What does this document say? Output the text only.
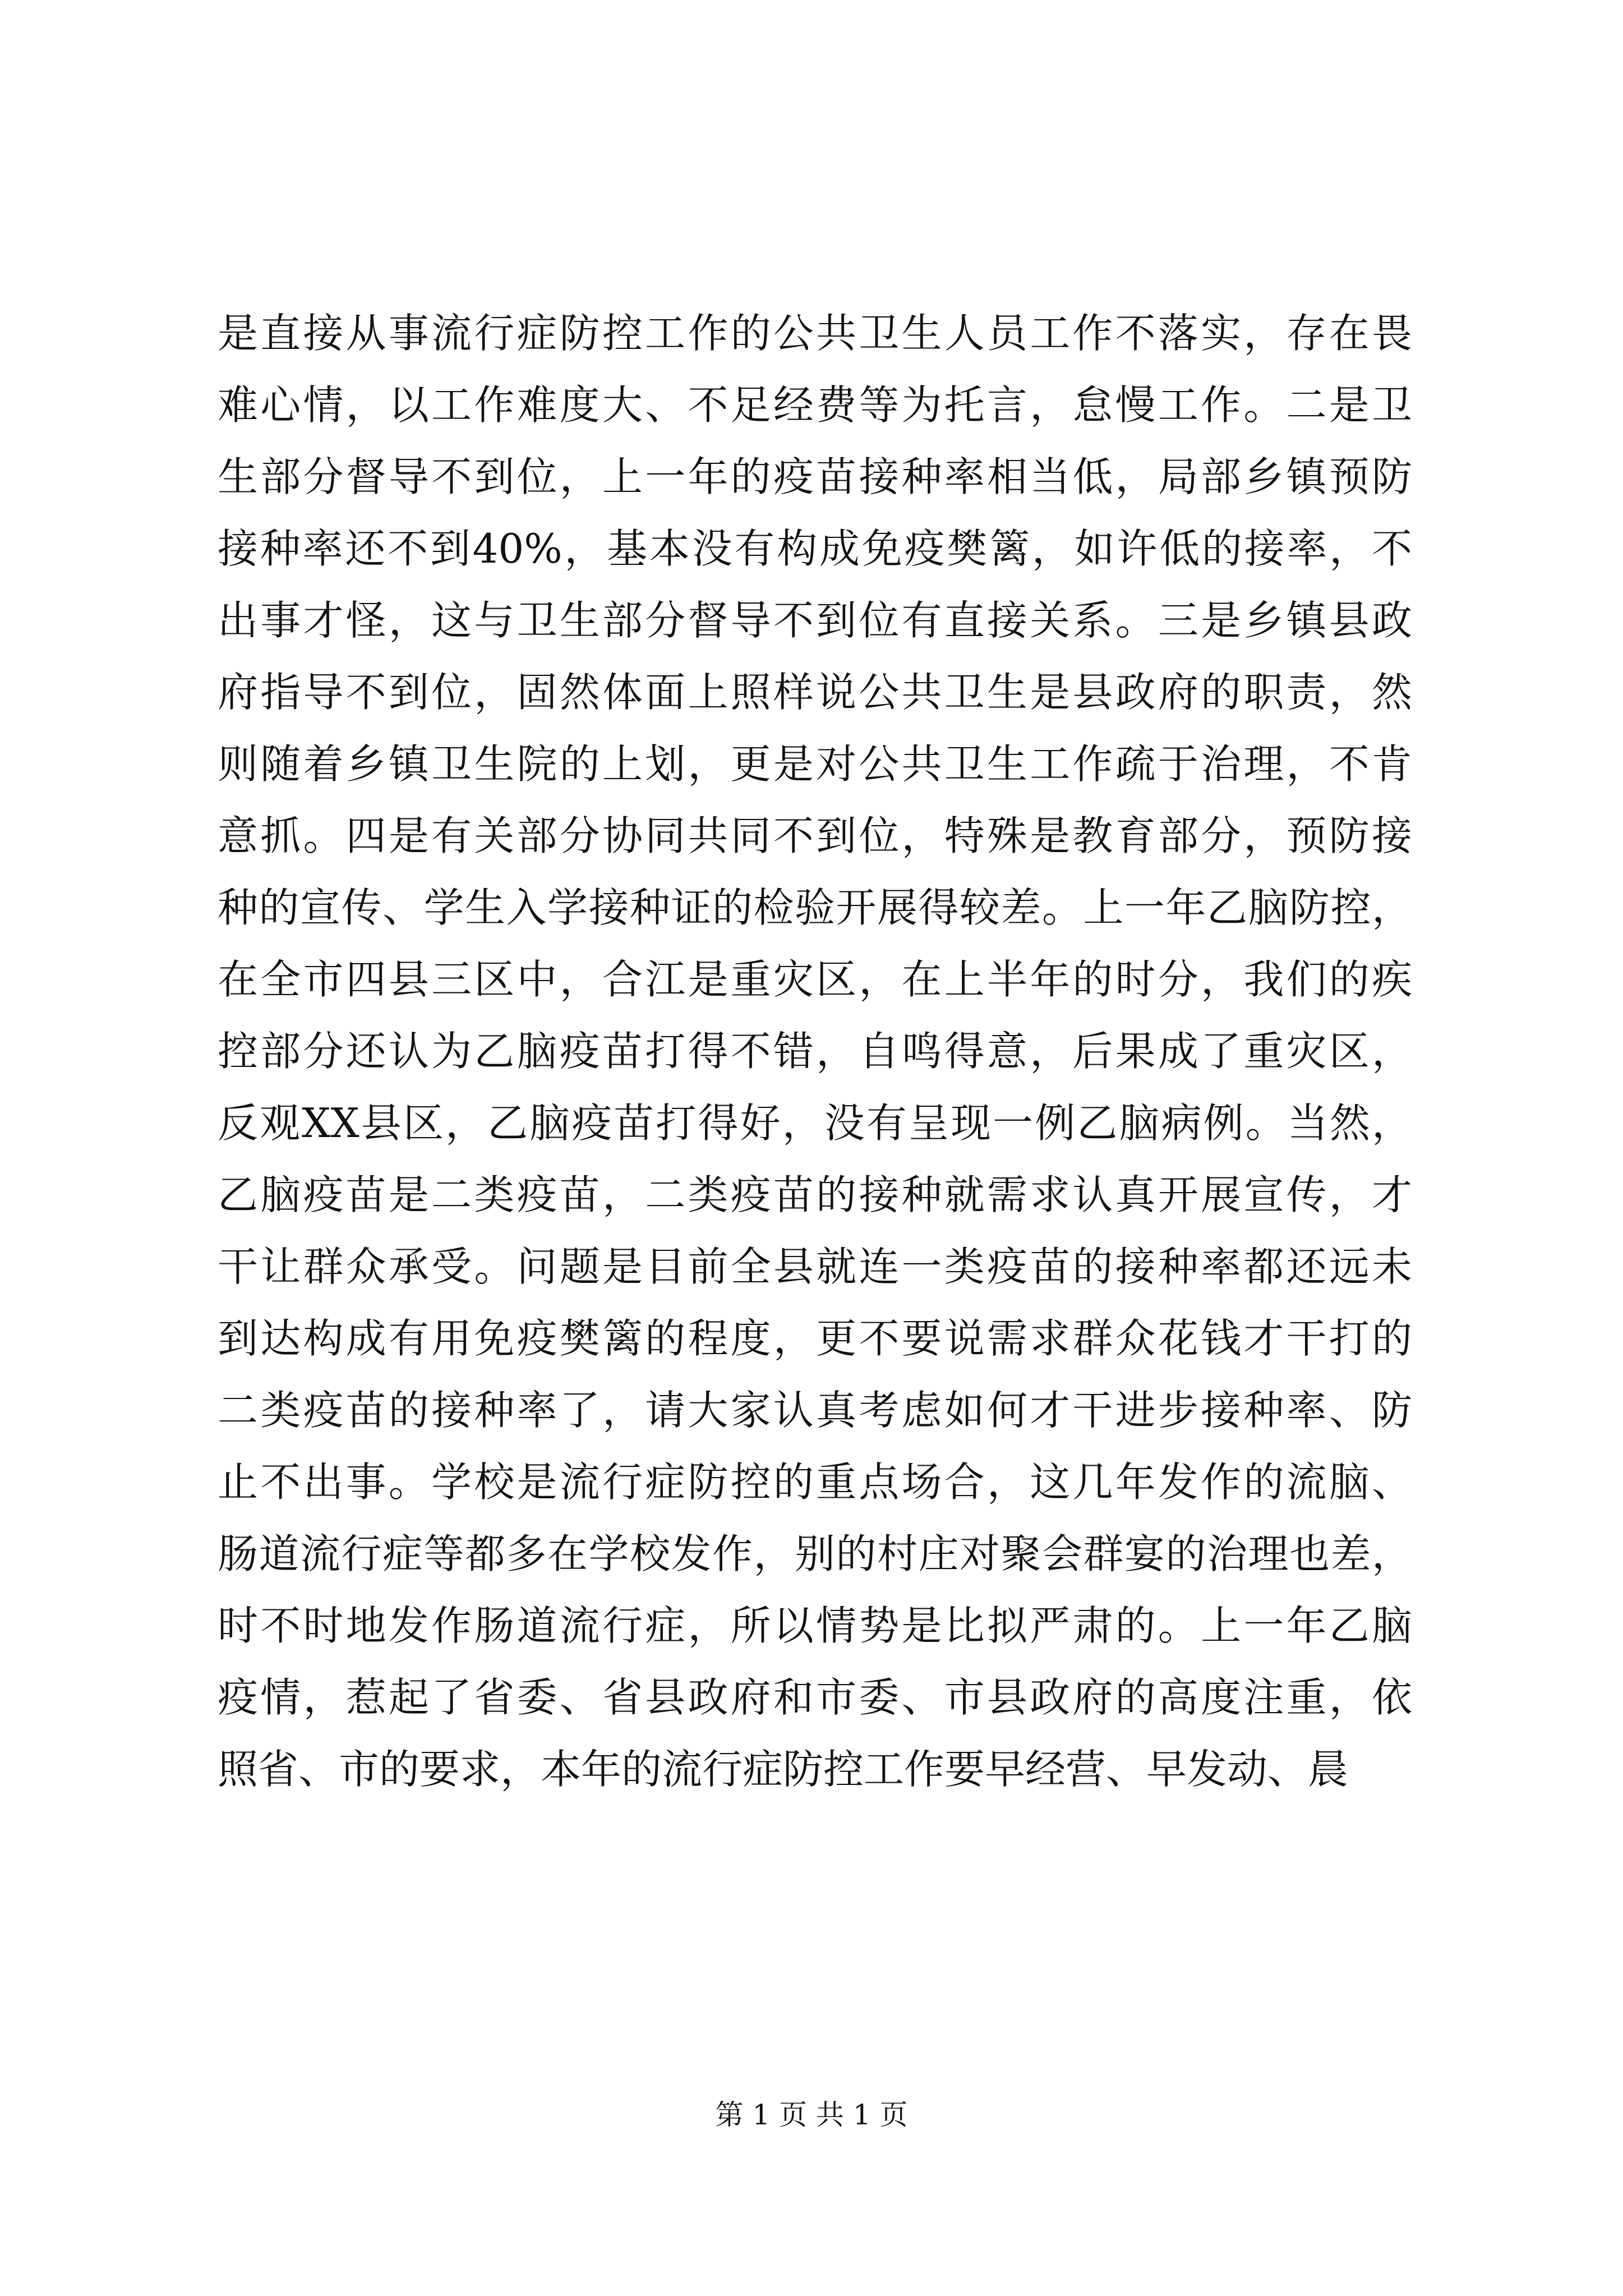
是直接从事流行症防控工作的公共卫生人员工作不落实，存在畏
难心情，以工作难度大、不足经费等为托言，怠慢工作。二是卫
生部分督导不到位，上一年的疫苗接种率相当低，局部乡镇预防
接种率还不到40%，基本没有构成免疫樊篱，如许低的接率，不
出事才怪，这与卫生部分督导不到位有直接关系。三是乡镇县政
府指导不到位，固然体面上照样说公共卫生是县政府的职责，然
则随着乡镇卫生院的上划，更是对公共卫生工作疏于治理，不肯
意抓。四是有关部分协同共同不到位，特殊是教育部分，预防接
种的宣传、学生入学接种证的检验开展得较差。上一年乙脑防控，
在全市四县三区中，合江是重灾区，在上半年的时分，我们的疾
控部分还认为乙脑疫苗打得不错，自鸣得意，后果成了重灾区，
反观XX县区，乙脑疫苗打得好，没有呈现一例乙脑病例。当然，
乙脑疫苗是二类疫苗，二类疫苗的接种就需求认真开展宣传，才
干让群众承受。问题是目前全县就连一类疫苗的接种率都还远未
到达构成有用免疫樊篱的程度，更不要说需求群众花钱才干打的
二类疫苗的接种率了，请大家认真考虑如何才干进步接种率、防
止不出事。学校是流行症防控的重点场合，这几年发作的流脑、
肠道流行症等都多在学校发作，别的村庄对聚会群宴的治理也差，
时不时地发作肠道流行症，所以情势是比拟严肃的。上一年乙脑
疫情，惹起了省委、省县政府和市委、市县政府的高度注重，依
照省、市的要求，本年的流行症防控工作要早经营、早发动、晨
第 1 页 共 1 页
